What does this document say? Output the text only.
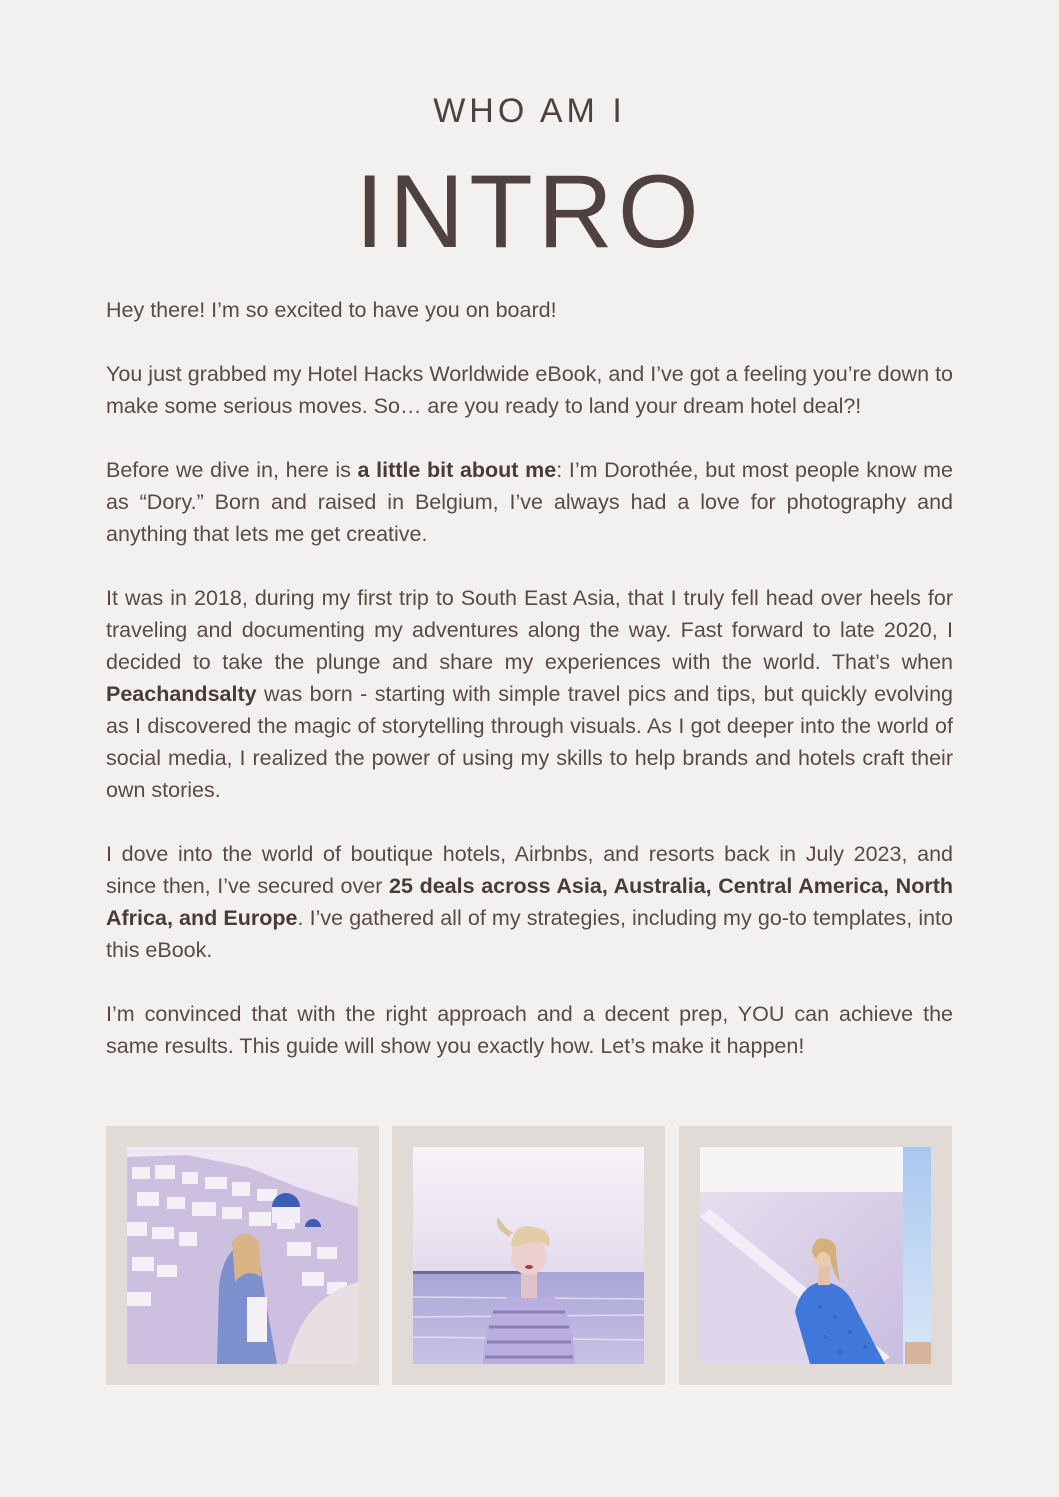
WHO AM I
INTRO

Hey there! I’m so excited to have you on board!

You just grabbed my Hotel Hacks Worldwide eBook, and I’ve got a feeling you’re down to make some serious moves. So… are you ready to land your dream hotel deal?!

Before we dive in, here is a little bit about me: I’m Dorothée, but most people know me as “Dory.” Born and raised in Belgium, I’ve always had a love for photography and anything that lets me get creative.

It was in 2018, during my first trip to South East Asia, that I truly fell head over heels for traveling and documenting my adventures along the way. Fast forward to late 2020, I decided to take the plunge and share my experiences with the world. That’s when Peachandsalty was born - starting with simple travel pics and tips, but quickly evolving as I discovered the magic of storytelling through visuals. As I got deeper into the world of social media, I realized the power of using my skills to help brands and hotels craft their own stories.

I dove into the world of boutique hotels, Airbnbs, and resorts back in July 2023, and since then, I’ve secured over 25 deals across Asia, Australia, Central America, North Africa, and Europe. I’ve gathered all of my strategies, including my go-to templates, into this eBook.

I’m convinced that with the right approach and a decent prep, YOU can achieve the same results. This guide will show you exactly how. Let’s make it happen!
